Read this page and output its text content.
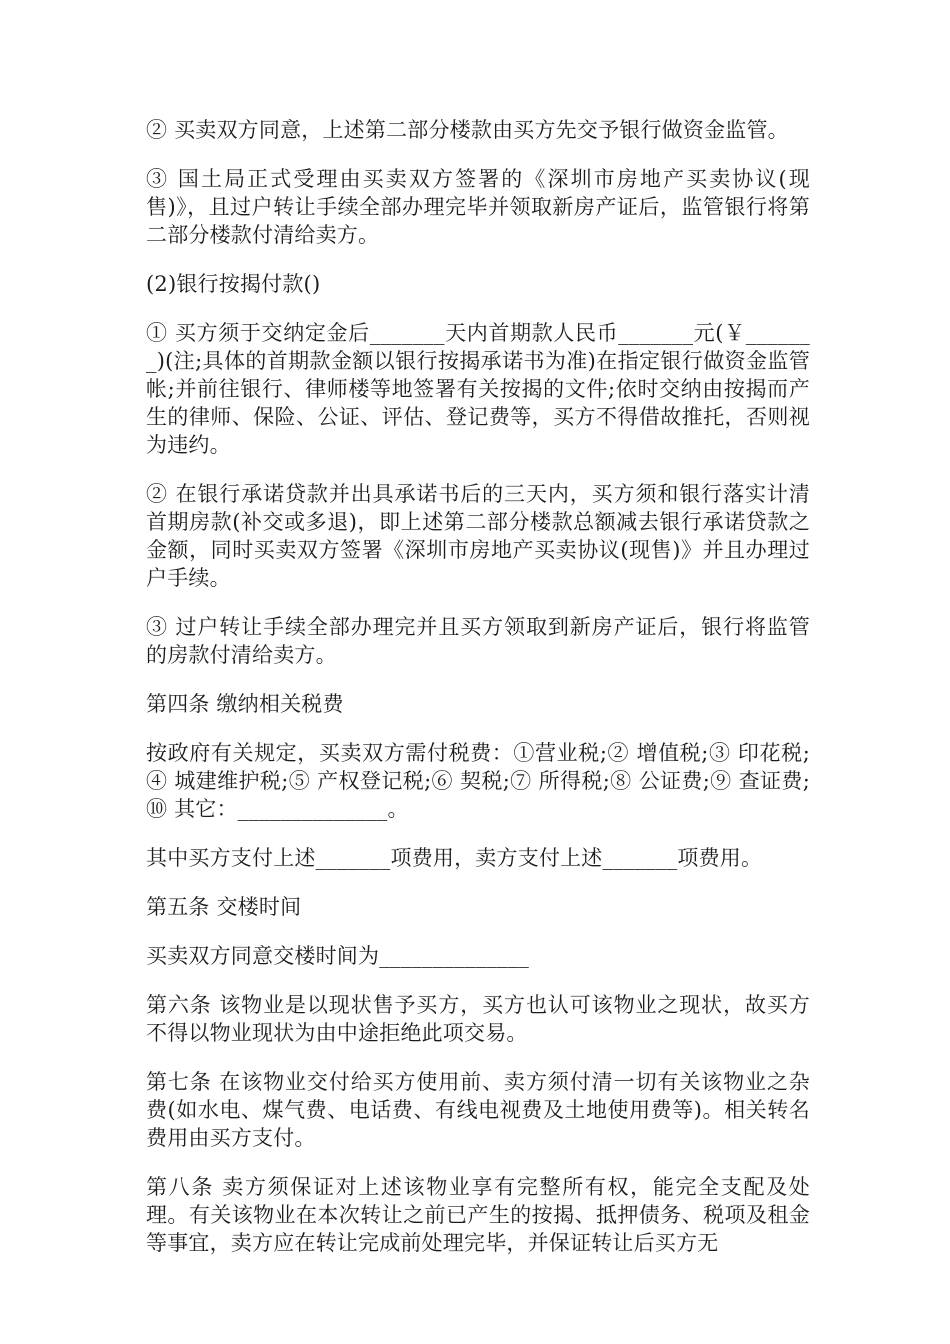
② 买卖双方同意，上述第二部分楼款由买方先交予银行做资金监管。

③ 国土局正式受理由买卖双方签署的《深圳市房地产买卖协议(现售)》，且过户转让手续全部办理完毕并领取新房产证后，监管银行将第二部分楼款付清给卖方。

(2)银行按揭付款()

① 买方须于交纳定金后_______天内首期款人民币_______元(￥_______)(注;具体的首期款金额以银行按揭承诺书为准)在指定银行做资金监管帐;并前往银行、律师楼等地签署有关按揭的文件;依时交纳由按揭而产生的律师、保险、公证、评估、登记费等，买方不得借故推托，否则视为违约。

② 在银行承诺贷款并出具承诺书后的三天内，买方须和银行落实计清首期房款(补交或多退)，即上述第二部分楼款总额减去银行承诺贷款之金额，同时买卖双方签署《深圳市房地产买卖协议(现售)》并且办理过户手续。

③ 过户转让手续全部办理完并且买方领取到新房产证后，银行将监管的房款付清给卖方。

第四条 缴纳相关税费

按政府有关规定，买卖双方需付税费：①营业税;② 增值税;③ 印花税;④ 城建维护税;⑤ 产权登记税;⑥ 契税;⑦ 所得税;⑧ 公证费;⑨ 查证费;⑩ 其它：______________。

其中买方支付上述_______项费用，卖方支付上述_______项费用。

第五条 交楼时间

买卖双方同意交楼时间为______________

第六条 该物业是以现状售予买方，买方也认可该物业之现状，故买方不得以物业现状为由中途拒绝此项交易。

第七条 在该物业交付给买方使用前、卖方须付清一切有关该物业之杂费(如水电、煤气费、电话费、有线电视费及土地使用费等)。相关转名费用由买方支付。

第八条 卖方须保证对上述该物业享有完整所有权，能完全支配及处理。有关该物业在本次转让之前已产生的按揭、抵押债务、税项及租金等事宜，卖方应在转让完成前处理完毕，并保证转让后买方无
